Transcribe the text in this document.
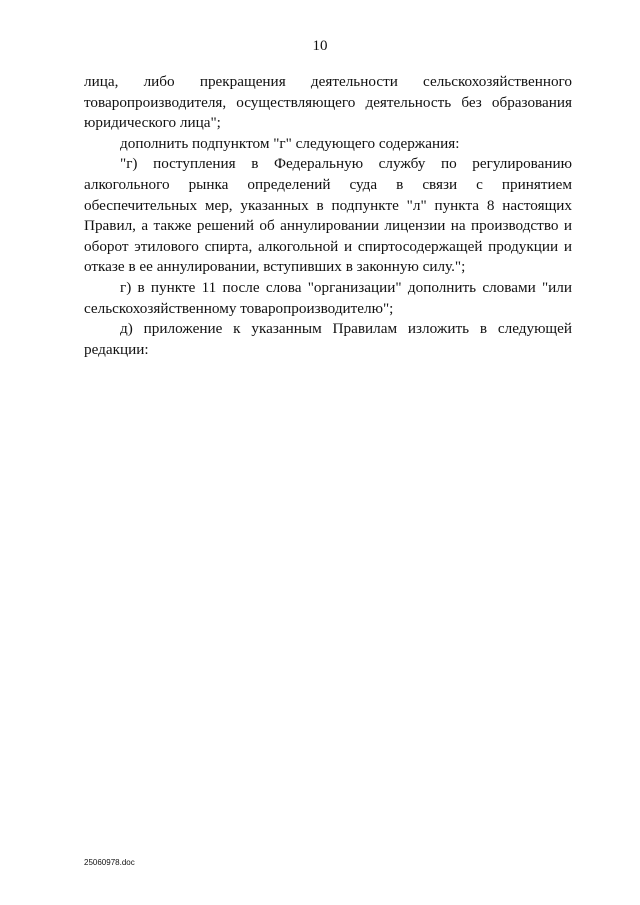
10

лица, либо прекращения деятельности сельскохозяйственного товаропроизводителя, осуществляющего деятельность без образования юридического лица";

дополнить подпунктом "г" следующего содержания:

"г) поступления в Федеральную службу по регулированию алкогольного рынка определений суда в связи с принятием обеспечительных мер, указанных в подпункте "л" пункта 8 настоящих Правил, а также решений об аннулировании лицензии на производство и оборот этилового спирта, алкогольной и спиртосодержащей продукции и отказе в ее аннулировании, вступивших в законную силу.";

г) в пункте 11 после слова "организации" дополнить словами "или сельскохозяйственному товаропроизводителю";

д) приложение к указанным Правилам изложить в следующей редакции:

25060978.doc
